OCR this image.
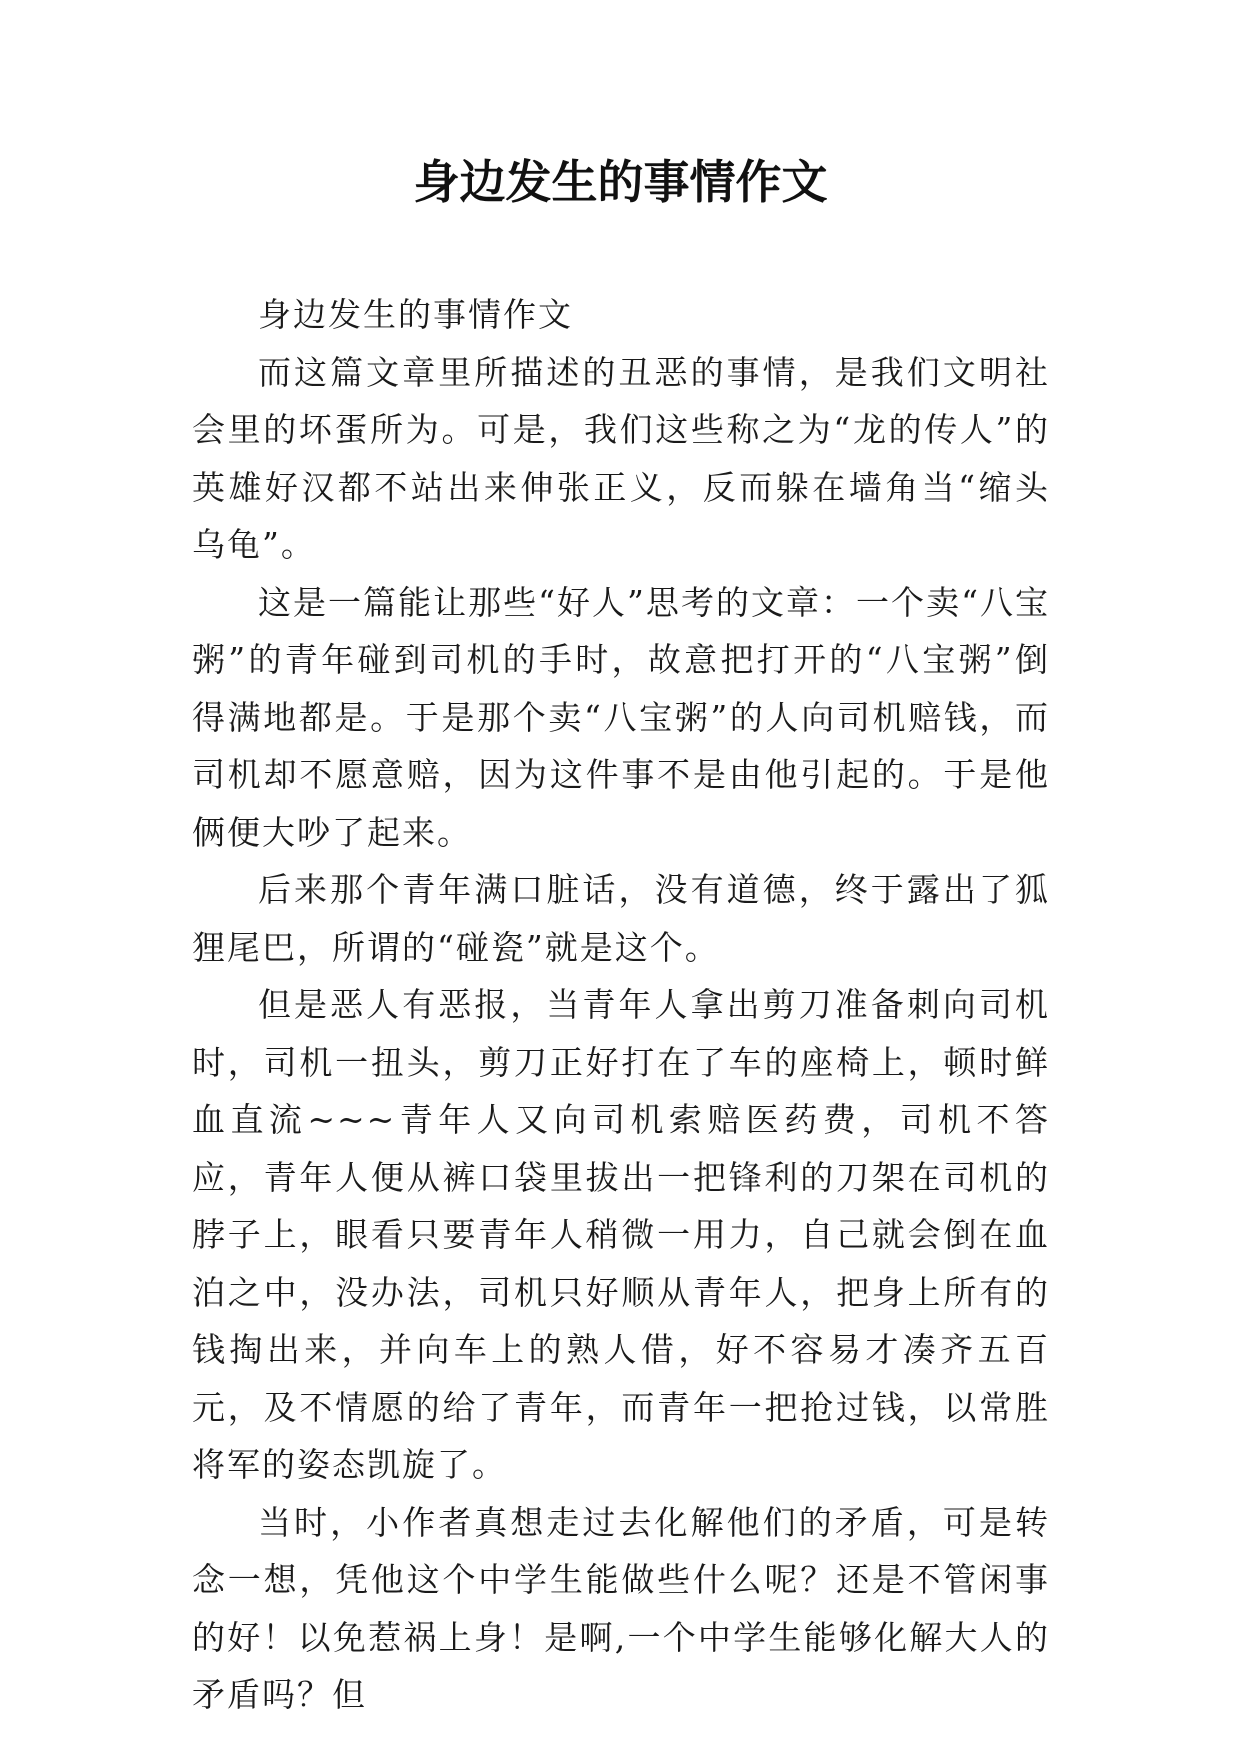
身边发生的事情作文

身边发生的事情作文

而这篇文章里所描述的丑恶的事情，是我们文明社会里的坏蛋所为。可是，我们这些称之为“龙的传人”的英雄好汉都不站出来伸张正义，反而躲在墙角当“缩头乌龟”。

这是一篇能让那些“好人”思考的文章：一个卖“八宝粥”的青年碰到司机的手时，故意把打开的“八宝粥”倒得满地都是。于是那个卖“八宝粥”的人向司机赔钱，而司机却不愿意赔，因为这件事不是由他引起的。于是他俩便大吵了起来。

后来那个青年满口脏话，没有道德，终于露出了狐狸尾巴，所谓的“碰瓷”就是这个。

但是恶人有恶报，当青年人拿出剪刀准备刺向司机时，司机一扭头，剪刀正好打在了车的座椅上，顿时鲜血直流~~~青年人又向司机索赔医药费，司机不答应，青年人便从裤口袋里拔出一把锋利的刀架在司机的脖子上，眼看只要青年人稍微一用力，自己就会倒在血泊之中，没办法，司机只好顺从青年人，把身上所有的钱掏出来，并向车上的熟人借，好不容易才凑齐五百元，及不情愿的给了青年，而青年一把抢过钱，以常胜将军的姿态凯旋了。

当时，小作者真想走过去化解他们的矛盾，可是转念一想，凭他这个中学生能做些什么呢？还是不管闲事的好！以免惹祸上身！是啊,一个中学生能够化解大人的矛盾吗？但
